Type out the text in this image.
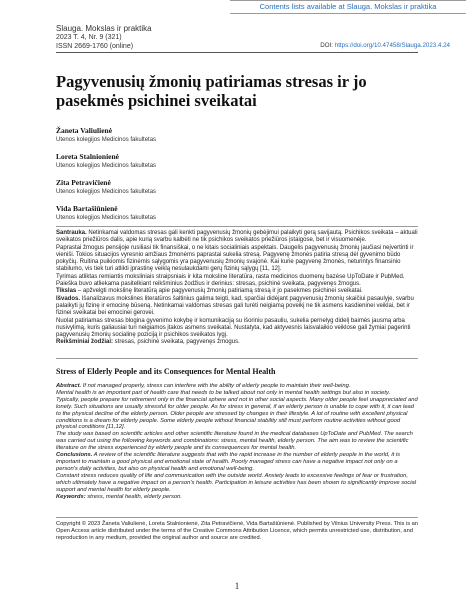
Contents lists available at Slauga. Mokslas ir praktika
Slauga. Mokslas ir praktika
2023 T. 4, Nr. 9 (321)
ISSN 2669-1760 (online)	DOI: https://doi.org/10.47458/Slauga.2023.4.24
Pagyvenusių žmonių patiriamas stresas ir jo pasekmės psichinei sveikatai
Žaneta Valiulienė
Utenos kolegijos Medicinos fakultetas
Loreta Stalnionienė
Utenos kolegijos Medicinos fakultetas
Zita Petravičienė
Utenos kolegijos Medicinos fakultetas
Vida Bartašiūnienė
Utenos kolegijos Medicinos fakultetas
Santrauka. Netinkamai valdomas stresas gali kenkti pagyvenusių žmonių gebėjimui palaikyti gerą savijautą. Psichikos sveikata – aktuali sveikatos priežiūros dalis, apie kurią svarbu kalbėti ne tik psichikos sveikatos priežiūros įstaigose, bet ir visuomenėje.
Paprastai žmogus pensijoje rusiliasi tik finansiškai, o ne kitais socialiniais aspektais. Daugelis pagyvenusių žmonių jaučiasi neįvertinti ir vieniši. Tokios situacijos vyresnio amžiaus žmonėms paprastai sukelia stresą. Pagyvenę žmonės patiria stresą dėl gyvenimo būdo pokyčių. Ruitina puikiomis fizinėmis sąlygomis yra pagyvenusių žmonių svajonė. Kai kurie pagyvenę žmonės, neturintys finansinio stabilumo, vis tiek turi atlikti įprastinę veiklą nesulaukdami gerų fizinių sąlygų [11, 12].
Tyrimas atliktas remiantis moksliniais straipsniais ir kita moksline literatūra, rasta medicinos duomenų bazėse UpToDate ir PubMed. Paieška buvo atliekama pasitelkiant reikšminius žodžius ir derinius: stresas, psichinė sveikata, pagyvenęs žmogus.
Tikslas – apžvelgti mokslinę literatūrą apie pagyvenusių žmonių patiriamą stresą ir jo pasekmes psichinei sveikatai.
Išvados. Išanalizavus mokslines literatūros šaltinius galima teigti, kad, sparčiai didėjant pagyvenusių žmonių skaičiui pasaulyje, svarbu palaikyti jų fizinę ir emocinę būseną. Netinkamai valdomas stresas gali turėti neigiamą poveikį ne tik asmens kasdieninei veiklai, bet ir fizinei sveikatai bei emocinei gerovei.
Nuolat patiriamas stresas blogina gyvenimo kokybę ir komunikaciją su išoriniu pasauliu, sukelia pernelyg didelį baimės jausmą arba nusivylimą, kuris galiausiai turi neigiamos įtakos asmens sveikatai. Nustatyta, kad aktyvesnis laisvalaikio veiklose gali žymiai pagerinti pagyvenusių žmonių socialinę poziciją ir psichikos sveikatos lygį.
Reikšminiai žodžiai: stresas, psichinė sveikata, pagyvenęs žmogus.
Stress of Elderly People and its Consequences for Mental Health
Abstract. If not managed properly, stress can interfere with the ability of elderly people to maintain their well-being.
Mental health is an important part of health care that needs to be talked about not only in mental health settings but also in society.
Typically, people prepare for retirement only in the financial sphere and not in other social aspects. Many older people feel unappreciated and lonely. Such situations are usually stressful for older people. As for stress in general, if an elderly person is unable to cope with it, it can lead to the physical decline of the elderly person. Older people are stressed by changes in their lifestyle. A lot of routine with excellent physical conditions is a dream for elderly people. Some elderly people without financial stability still must perform routine activities without good physical conditions [11,12].
The study was based on scientific articles and other scientific literature found in the medical databases UpToDate and PubMed. The search was carried out using the following keywords and combinations: stress, mental health, elderly person. The aim was to review the scientific literature on the stress experienced by elderly people and its consequences for mental health.
Conclusions. A review of the scientific literature suggests that with the rapid increase in the number of elderly people in the world, it is important to maintain a good physical and emotional state of health. Poorly managed stress can have a negative impact not only on a person's daily activities, but also on physical health and emotional well-being.
Constant stress reduces quality of life and communication with the outside world. Anxiety leads to excessive feelings of fear or frustration, which ultimately have a negative impact on a person's health. Participation in leisure activities has been shown to significantly improve social support and mental health for elderly people.
Keywords: stress, mental health, elderly person.
Copyright © 2023 Žaneta Valiulienė, Loreta Stalnionienė, Zita Petravičienė, Vida Bartašiūnienė. Published by Vilnius University Press. This is an Open Access article distributed under the terms of the Creative Commons Attribution Licence, which permits unrestricted use, distribution, and reproduction in any medium, provided the original author and source are credited.
1
